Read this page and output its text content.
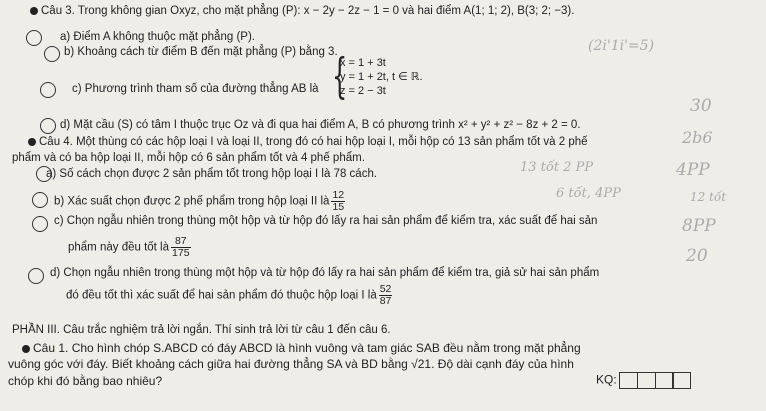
Câu 3. Trong không gian Oxyz, cho mặt phẳng (P): x − 2y − 2z − 1 = 0 và hai điểm A(1; 1; 2), B(3; 2; −3).
a) Điểm A không thuộc mặt phẳng (P).
b) Khoảng cách từ điểm B đến mặt phẳng (P) bằng 3.
c) Phương trình tham số của đường thẳng AB là {
x = 1 + 3t
y = 1 + 2t, t ∈ ℝ.
z = 2 − 3t
d) Mặt cầu (S) có tâm I thuộc trục Oz và đi qua hai điểm A, B có phương trình x² + y² + z² − 8z + 2 = 0.
Câu 4. Một thùng có các hộp loại I và loại II, trong đó có hai hộp loại I, mỗi hộp có 13 sản phẩm tốt và 2 phế
phẩm và có ba hộp loại II, mỗi hộp có 6 sản phẩm tốt và 4 phế phẩm.
a) Số cách chọn được 2 sản phẩm tốt trong hộp loại I là 78 cách.
b) Xác suất chọn được 2 phế phẩm trong hộp loại II là $\frac{12}{15}$
c) Chọn ngẫu nhiên trong thùng một hộp và từ hộp đó lấy ra hai sản phẩm để kiểm tra, xác suất để hai sản
phẩm này đều tốt là $\frac{87}{175}$
d) Chọn ngẫu nhiên trong thùng một hộp và từ hộp đó lấy ra hai sản phẩm để kiểm tra, giả sử hai sản phẩm
đó đều tốt thì xác suất để hai sản phẩm đó thuộc hộp loại I là $\frac{52}{87}$
PHẦN III. Câu trắc nghiệm trả lời ngắn. Thí sinh trả lời từ câu 1 đến câu 6.
Câu 1. Cho hình chóp S.ABCD có đáy ABCD là hình vuông và tam giác SAB đều nằm trong mặt phẳng
vuông góc với đáy. Biết khoảng cách giữa hai đường thẳng SA và BD bằng √21. Độ dài cạnh đáy của hình
chóp khi đó bằng bao nhiêu?	KQ:
(2i'1i'=5)
30
2b6
13 tốt 2 PP	4PP
6 tốt, 4PP	12 tốt
8PP
20
